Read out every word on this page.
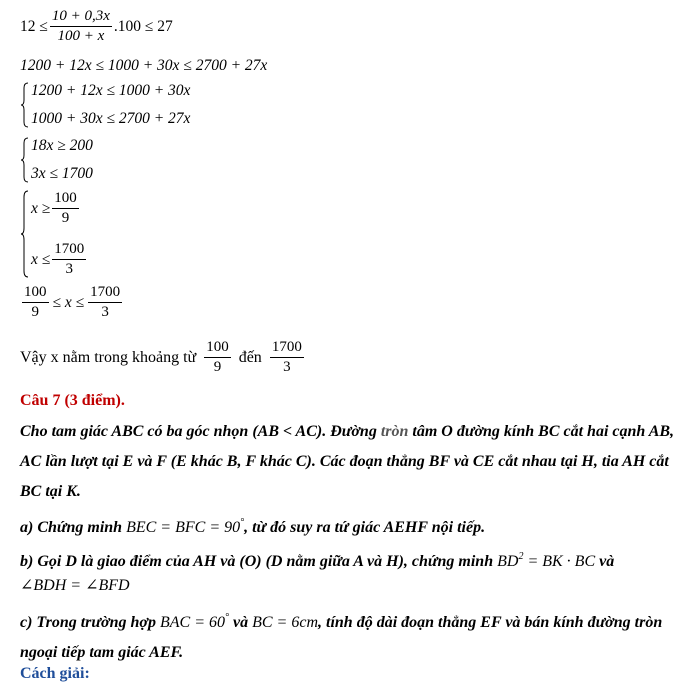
$12 \le \frac{10 + 0,3x}{100 + x} .100 \le 27$
1200 + 12x ≤ 1000 + 30x ≤ 2700 + 27x
1200 + 12x ≤ 1000 + 30x
1000 + 30x ≤ 2700 + 27x
18x ≥ 200
3x ≤ 1700
$x \ge \frac{100}{9}$
$x \le \frac{1700}{3}$
$\frac{100}{9} \le x \le \frac{1700}{3}$
Vậy x nằm trong khoảng từ $\frac{100}{9}$ đến $\frac{1700}{3}$
Câu 7 (3 điểm).
Cho tam giác ABC có ba góc nhọn (AB < AC). Đường tròn tâm O đường kính BC cắt hai cạnh AB, AC lần lượt tại E và F (E khác B, F khác C). Các đoạn thẳng BF và CE cắt nhau tại H, tia AH cắt BC tại K.
a) Chứng minh BEC = BFC = 90°, từ đó suy ra tứ giác AEHF nội tiếp.
b) Gọi D là giao điểm của AH và (O) (D nằm giữa A và H), chứng minh $BD^2$ = BK · BC và
∠BDH = ∠BFD
c) Trong trường hợp BAC = 60° và BC = 6cm, tính độ dài đoạn thẳng EF và bán kính đường tròn ngoại tiếp tam giác AEF.
Cách giải:
